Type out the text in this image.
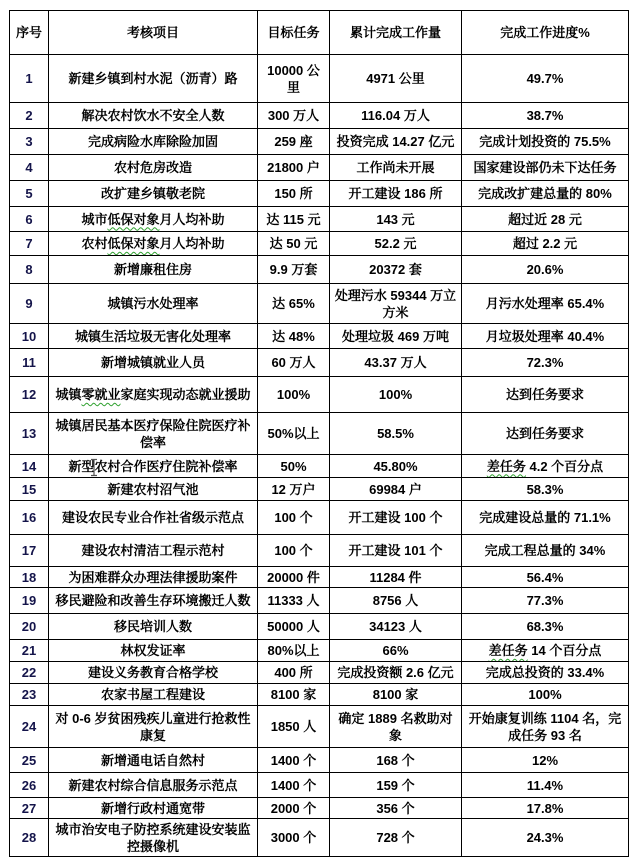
序号	考核项目	目标任务	累计完成工作量	完成工作进度%
1	新建乡镇到村水泥（沥青）路	10000 公里	4971 公里	49.7%
2	解决农村饮水不安全人数	300 万人	116.04 万人	38.7%
3	完成病险水库除险加固	259 座	投资完成 14.27 亿元	完成计划投资的 75.5%
4	农村危房改造	21800 户	工作尚未开展	国家建设部仍未下达任务
5	改扩建乡镇敬老院	150 所	开工建设 186 所	完成改扩建总量的 80%
6	城市低保对象月人均补助	达 115 元	143 元	超过近 28 元
7	农村低保对象月人均补助	达 50 元	52.2 元	超过 2.2 元
8	新增廉租住房	9.9 万套	20372 套	20.6%
9	城镇污水处理率	达 65%	处理污水 59344 万立方米	月污水处理率 65.4%
10	城镇生活垃圾无害化处理率	达 48%	处理垃圾 469 万吨	月垃圾处理率 40.4%
11	新增城镇就业人员	60 万人	43.37 万人	72.3%
12	城镇零就业家庭实现动态就业援助	100%	100%	达到任务要求
13	城镇居民基本医疗保险住院医疗补偿率	50%以上	58.5%	达到任务要求
14	新型农村合作医疗住院补偿率	50%	45.80%	差任务 4.2 个百分点
15	新建农村沼气池	12 万户	69984 户	58.3%
16	建设农民专业合作社省级示范点	100 个	开工建设 100 个	完成建设总量的 71.1%
17	建设农村清洁工程示范村	100 个	开工建设 101 个	完成工程总量的 34%
18	为困难群众办理法律援助案件	20000 件	11284 件	56.4%
19	移民避险和改善生存环境搬迁人数	11333 人	8756 人	77.3%
20	移民培训人数	50000 人	34123 人	68.3%
21	林权发证率	80%以上	66%	差任务 14 个百分点
22	建设义务教育合格学校	400 所	完成投资额 2.6 亿元	完成总投资的 33.4%
23	农家书屋工程建设	8100 家	8100 家	100%
24	对 0-6 岁贫困残疾儿童进行抢救性康复	1850 人	确定 1889 名救助对象	开始康复训练 1104 名，完成任务 93 名
25	新增通电话自然村	1400 个	168 个	12%
26	新建农村综合信息服务示范点	1400 个	159 个	11.4%
27	新增行政村通宽带	2000 个	356 个	17.8%
28	城市治安电子防控系统建设安装监控摄像机	3000 个	728 个	24.3%
